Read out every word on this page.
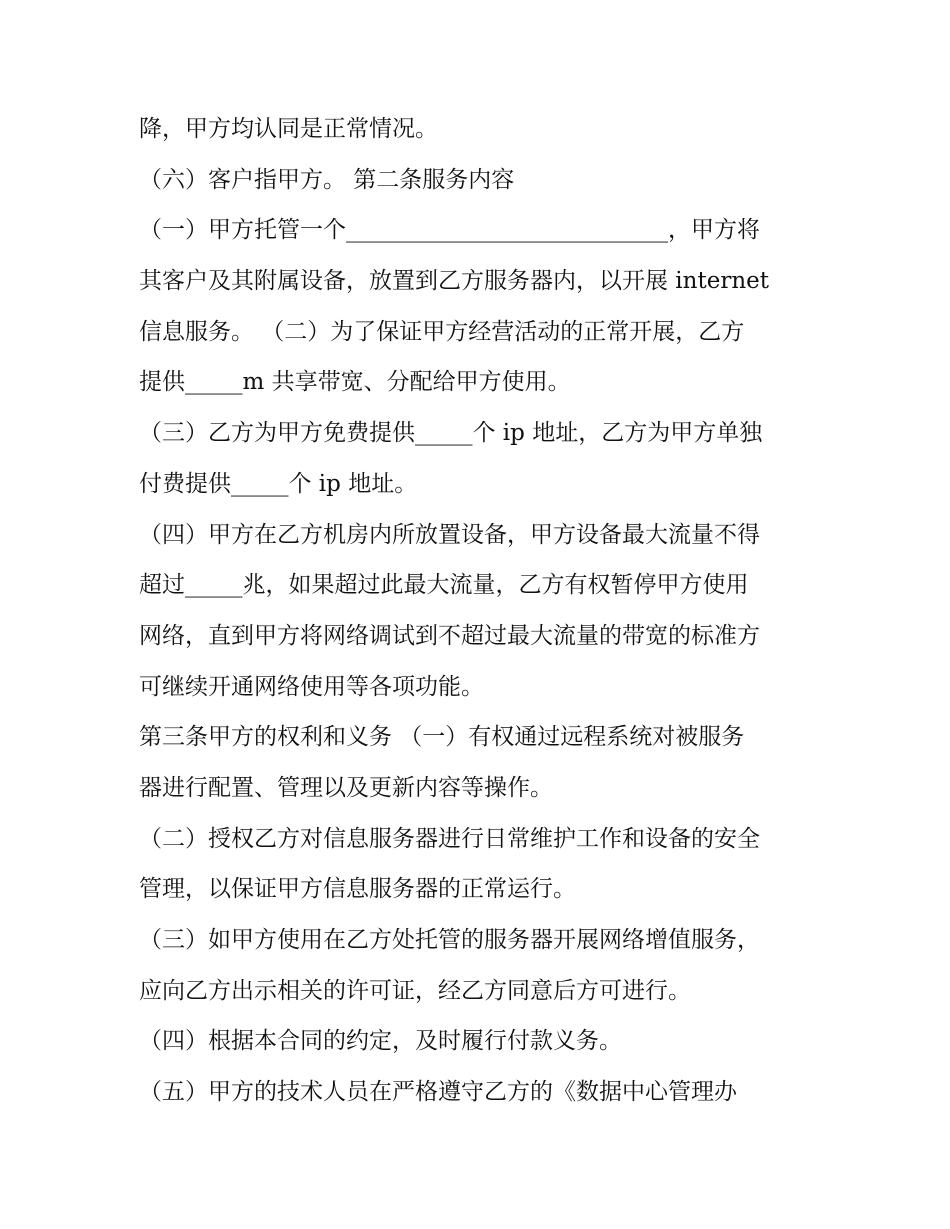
降，甲方均认同是正常情况。
（六）客户指甲方。 第二条服务内容
（一）甲方托管一个____________________________，甲方将
其客户及其附属设备，放置到乙方服务器内，以开展 internet
信息服务。 （二）为了保证甲方经营活动的正常开展，乙方
提供_____m 共享带宽、分配给甲方使用。
（三）乙方为甲方免费提供_____个 ip 地址，乙方为甲方单独
付费提供_____个 ip 地址。
（四）甲方在乙方机房内所放置设备，甲方设备最大流量不得
超过_____兆，如果超过此最大流量，乙方有权暂停甲方使用
网络，直到甲方将网络调试到不超过最大流量的带宽的标准方
可继续开通网络使用等各项功能。
第三条甲方的权利和义务 （一）有权通过远程系统对被服务
器进行配置、管理以及更新内容等操作。
（二）授权乙方对信息服务器进行日常维护工作和设备的安全
管理，以保证甲方信息服务器的正常运行。
（三）如甲方使用在乙方处托管的服务器开展网络增值服务，
应向乙方出示相关的许可证，经乙方同意后方可进行。
（四）根据本合同的约定，及时履行付款义务。
（五）甲方的技术人员在严格遵守乙方的《数据中心管理办
